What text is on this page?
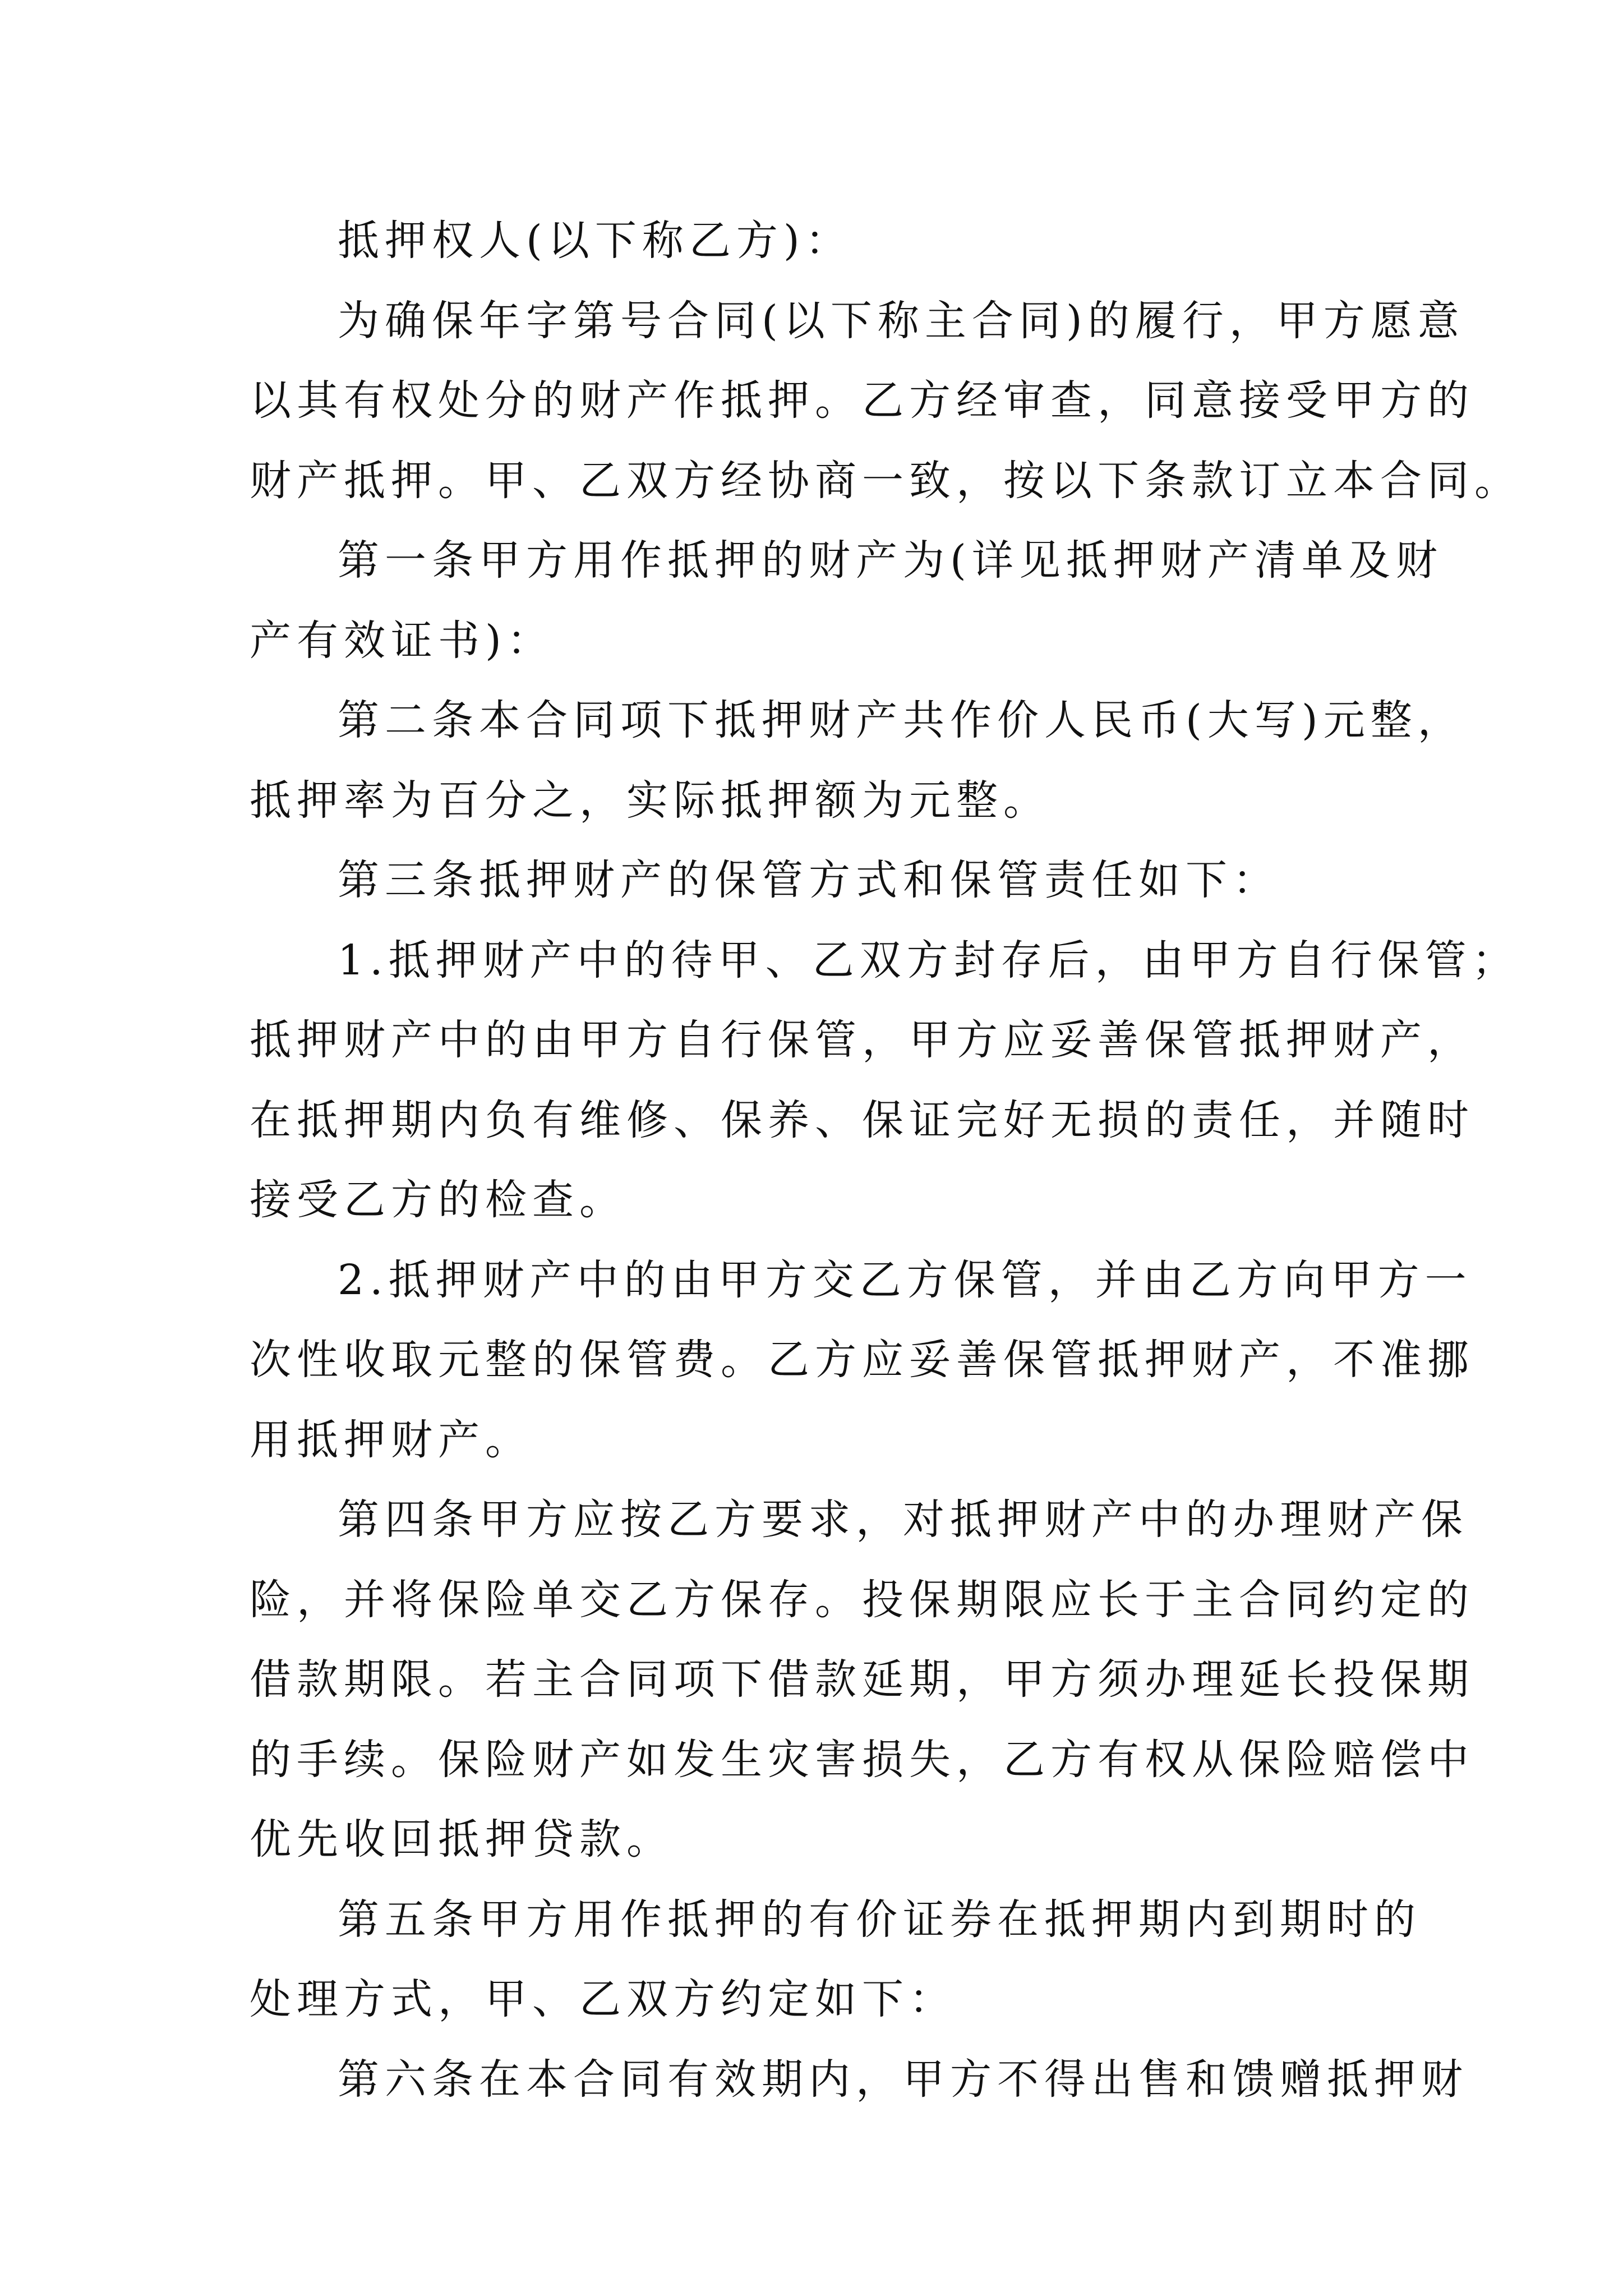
抵押权人(以下称乙方)：
为确保年字第号合同(以下称主合同)的履行，甲方愿意
以其有权处分的财产作抵押。乙方经审查，同意接受甲方的
财产抵押。甲、乙双方经协商一致，按以下条款订立本合同。
第一条甲方用作抵押的财产为(详见抵押财产清单及财
产有效证书)：
第二条本合同项下抵押财产共作价人民币(大写)元整，
抵押率为百分之，实际抵押额为元整。
第三条抵押财产的保管方式和保管责任如下：
1.抵押财产中的待甲、乙双方封存后，由甲方自行保管；
抵押财产中的由甲方自行保管，甲方应妥善保管抵押财产，
在抵押期内负有维修、保养、保证完好无损的责任，并随时
接受乙方的检查。
2.抵押财产中的由甲方交乙方保管，并由乙方向甲方一
次性收取元整的保管费。乙方应妥善保管抵押财产，不准挪
用抵押财产。
第四条甲方应按乙方要求，对抵押财产中的办理财产保
险，并将保险单交乙方保存。投保期限应长于主合同约定的
借款期限。若主合同项下借款延期，甲方须办理延长投保期
的手续。保险财产如发生灾害损失，乙方有权从保险赔偿中
优先收回抵押贷款。
第五条甲方用作抵押的有价证券在抵押期内到期时的
处理方式，甲、乙双方约定如下：
第六条在本合同有效期内，甲方不得出售和馈赠抵押财
